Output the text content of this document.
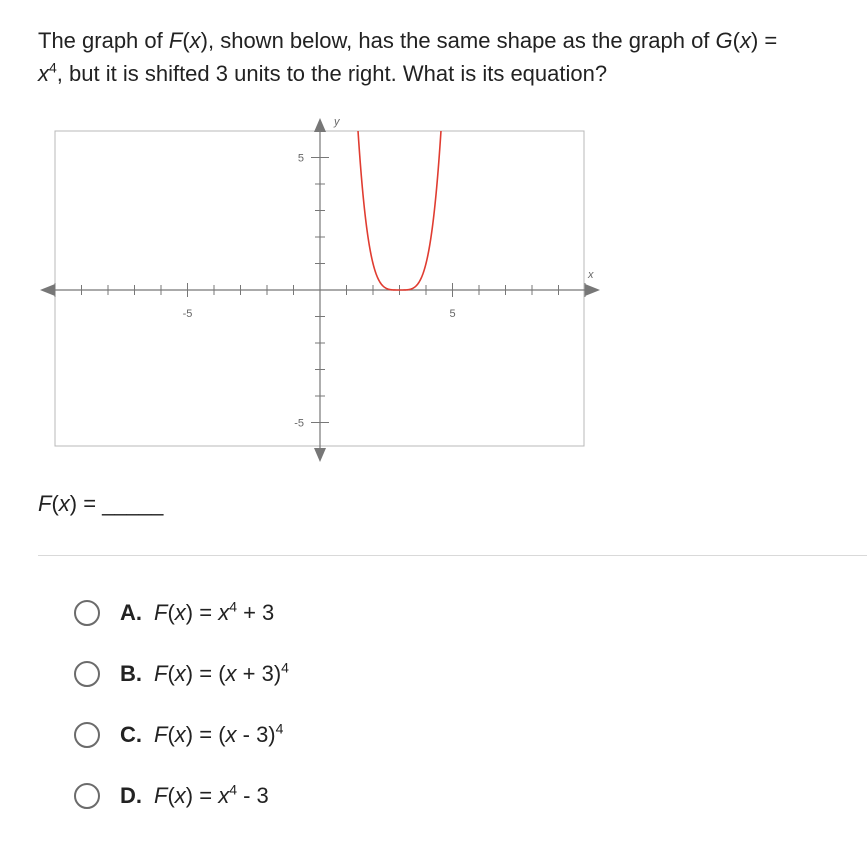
The graph of F(x), shown below, has the same shape as the graph of G(x) =
$x^4$, but it is shifted 3 units to the right. What is its equation?
-5	5
5
-5
y
x
F(x) = _____
A. $F(x) = x^4 + 3$
B. $F(x) = (x + 3)^4$
C. F(x) = (x - 3)$^4$
D. $F(x) = x^4 - 3$
